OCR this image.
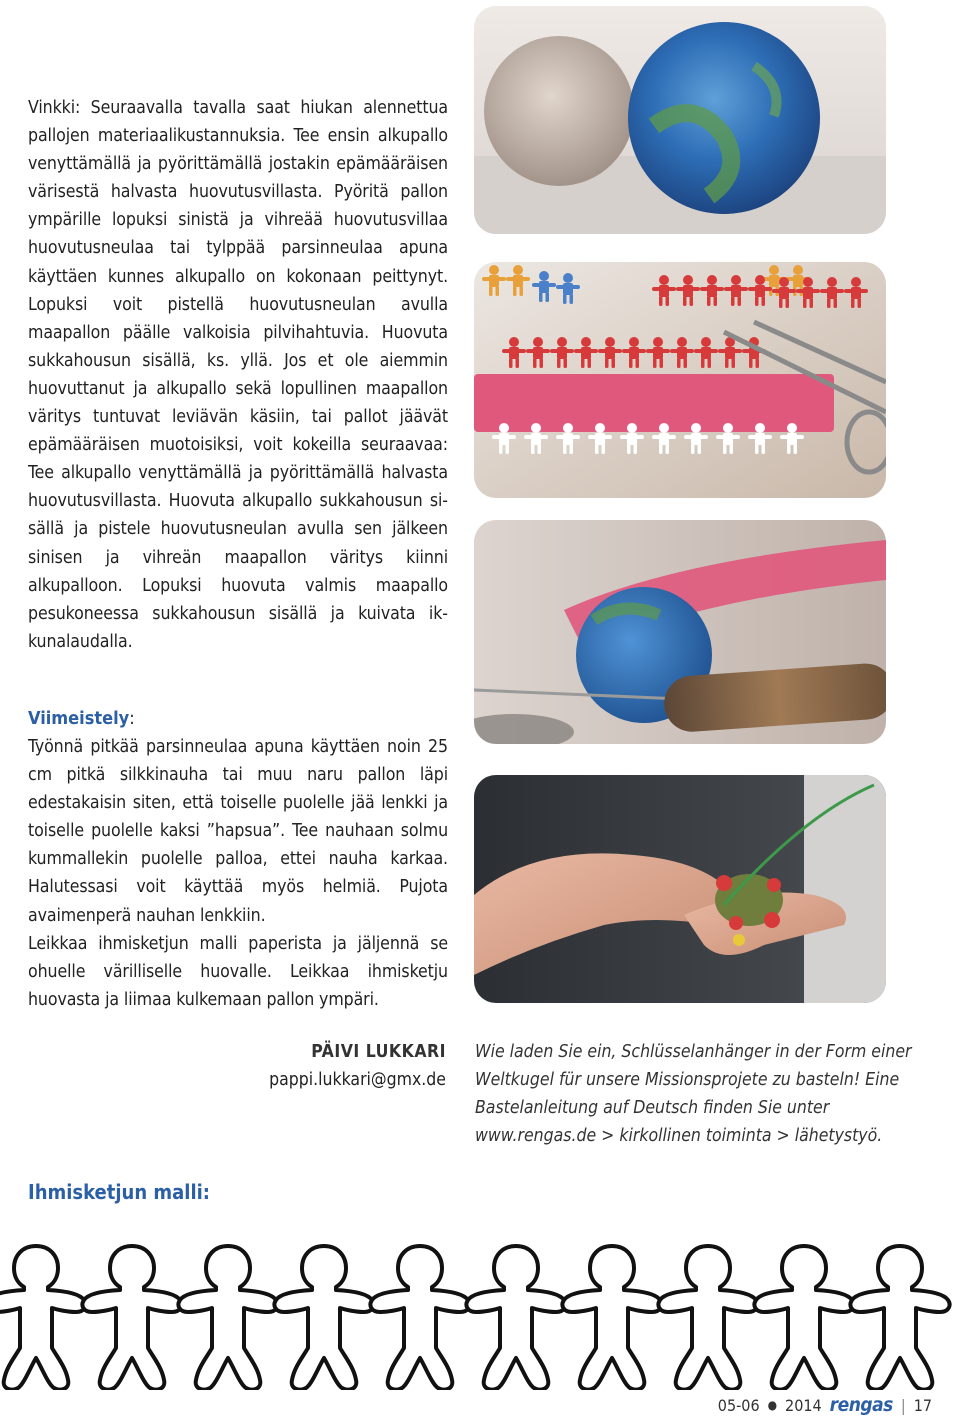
Vinkki: Seuraavalla tavalla saat hiukan alennettua pallojen materiaalikustannuksia. Tee ensin alkupallo venyttämällä ja pyörittämällä jostakin epämääräisen värisestä halvasta huovutusvillasta. Pyöritä pallon ympärille lopuksi sinistä ja vihreää huovutusvillaa huovutusneulaa tai tylppää parsinneulaa apuna käyttäen kunnes alkupallo on kokonaan peittynyt. Lopuksi voit pistellä huovutusneulan avulla maapallon päälle valkoisia pilvihahtuvia. Huovuta sukkahousun sisällä, ks. yllä. Jos et ole aiemmin huovuttanut ja alkupallo sekä lopullinen maapallon väritys tuntuvat leviävän käsiin, tai pallot jäävät epämääräisen muotoisiksi, voit kokeilla seuraavaa: Tee alkupallo venyttämällä ja pyörittämällä halvasta huovutusvillasta. Huovuta alkupallo sukkahousun sisällä ja pistele huovutusneulan avulla sen jälkeen sinisen ja vihreän maapallon väritys kiinni alkupalloon. Lopuksi huovuta valmis maapallo pesukoneessa sukkahousun sisällä ja kuivata ikkunalaudalla.
Viimeistely:

Työnnä pitkää parsinneulaa apuna käyttäen noin 25 cm pitkä silkkinauha tai muu naru pallon läpi edestakaisin siten, että toiselle puolelle jää lenkki ja toiselle puolelle kaksi ”hapsua”. Tee nauhaan solmu kummallekin puolelle palloa, ettei nauha karkaa. Halutessasi voit käyttää myös helmiä. Pujota avaimenperä nauhan lenkkiin.

Leikkaa ihmisketjun malli paperista ja jäljennä se ohuelle värilliselle huovalle. Leikkaa ihmisketju huovasta ja liimaa kulkemaan pallon ympäri.

PÄIVI LUKKARI
pappi.lukkari@gmx.de
Wie laden Sie ein, Schlüsselanhänger in der Form einer Weltkugel für unsere Missionsprojete zu basteln! Eine Bastelanleitung auf Deutsch finden Sie unter www.rengas.de > kirkollinen toiminta > lähetystyö.
Ihmisketjun malli:
05-06 ● 2014 rengas | 17
